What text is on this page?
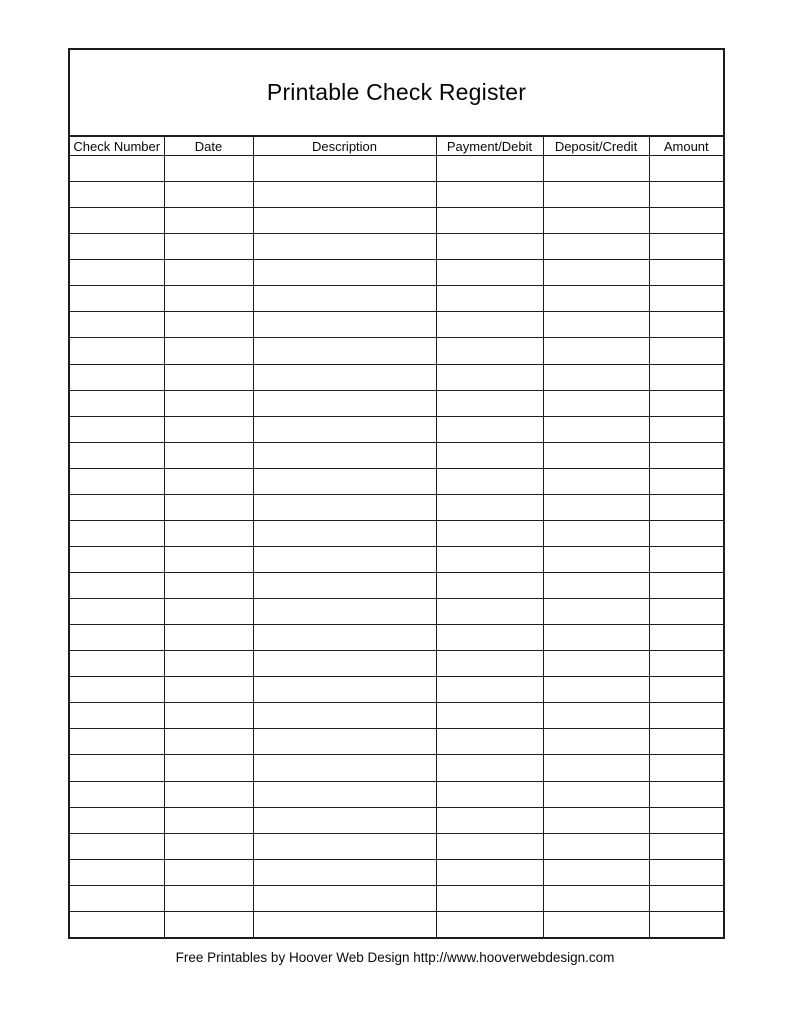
Printable Check Register					
Check Number	Date	Description	Payment/Debit	Deposit/Credit	Amount

Free Printables by Hoover Web Design http://www.hooverwebdesign.com
